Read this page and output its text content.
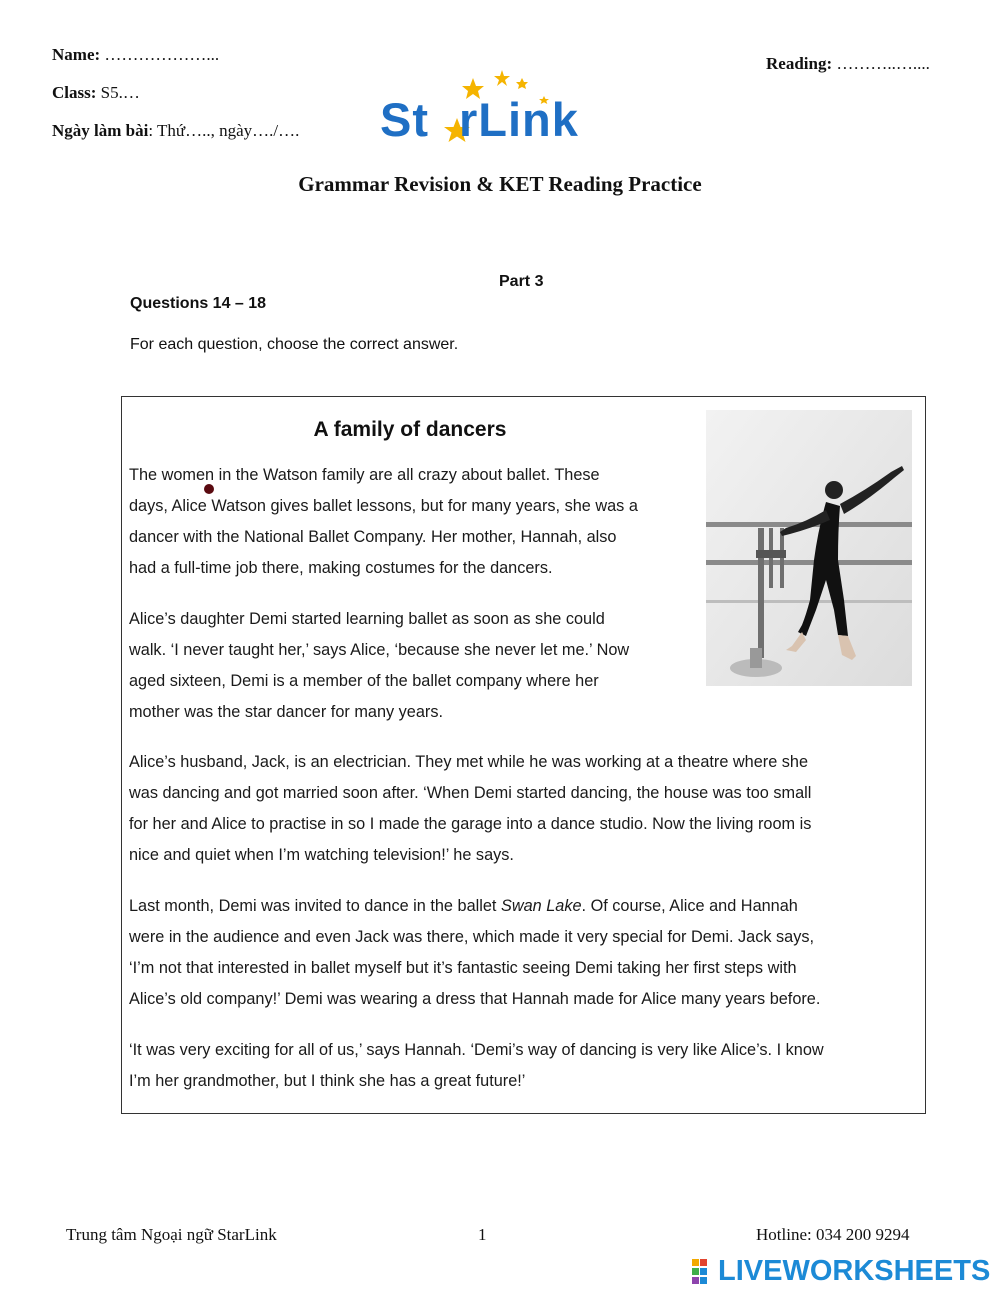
Name: ………………...
Class: S5.…
Ngày làm bài: Thứ….., ngày…./….
Reading: ………..…....
St rLink
Grammar Revision & KET Reading Practice
Part 3
Questions 14 – 18
For each question, choose the correct answer.
A family of dancers
The women in the Watson family are all crazy about ballet. These
days, Alice Watson gives ballet lessons, but for many years, she was a
dancer with the National Ballet Company. Her mother, Hannah, also
had a full-time job there, making costumes for the dancers.
Alice’s daughter Demi started learning ballet as soon as she could
walk. ‘I never taught her,’ says Alice, ‘because she never let me.’ Now
aged sixteen, Demi is a member of the ballet company where her
mother was the star dancer for many years.
Alice’s husband, Jack, is an electrician. They met while he was working at a theatre where she
was dancing and got married soon after. ‘When Demi started dancing, the house was too small
for her and Alice to practise in so I made the garage into a dance studio. Now the living room is
nice and quiet when I’m watching television!’ he says.
Last month, Demi was invited to dance in the ballet Swan Lake. Of course, Alice and Hannah
were in the audience and even Jack was there, which made it very special for Demi. Jack says,
‘I’m not that interested in ballet myself but it’s fantastic seeing Demi taking her first steps with
Alice’s old company!’ Demi was wearing a dress that Hannah made for Alice many years before.
‘It was very exciting for all of us,’ says Hannah. ‘Demi’s way of dancing is very like Alice’s. I know
I’m her grandmother, but I think she has a great future!’
Trung tâm Ngoại ngữ StarLink	1	Hotline: 034 200 9294
LIVEWORKSHEETS
